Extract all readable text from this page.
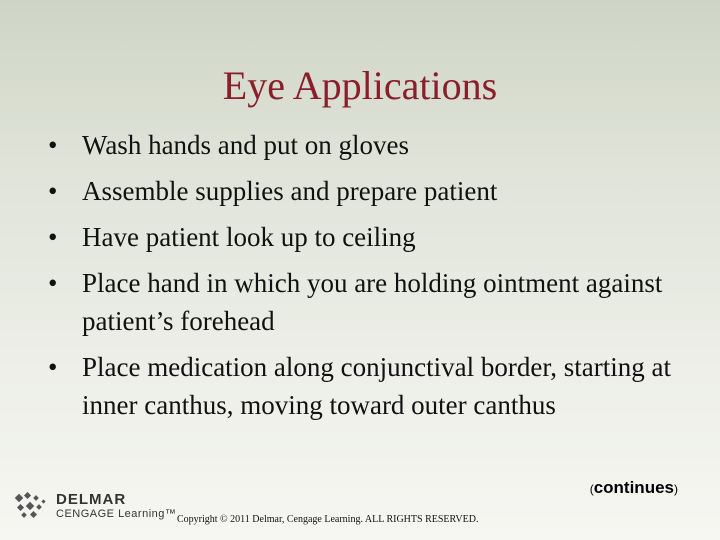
Eye Applications
• Wash hands and put on gloves
• Assemble supplies and prepare patient
• Have patient look up to ceiling
• Place hand in which you are holding ointment against patient’s forehead
• Place medication along conjunctival border, starting at inner canthus, moving toward outer canthus
(continues)
DELMAR
CENGAGE Learning™ Copyright © 2011 Delmar, Cengage Learning. ALL RIGHTS RESERVED.
